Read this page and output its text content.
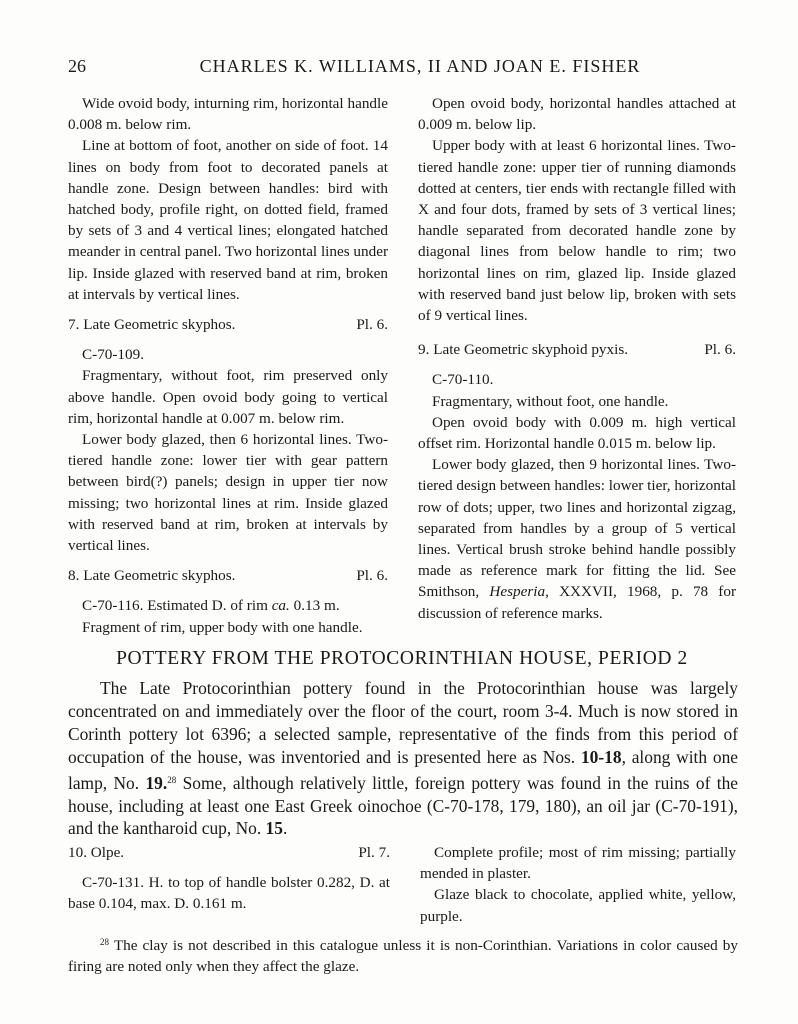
26	CHARLES K. WILLIAMS, II AND JOAN E. FISHER

Wide ovoid body, inturning rim, horizontal handle 0.008 m. below rim.

Line at bottom of foot, another on side of foot. 14 lines on body from foot to decorated panels at handle zone. Design between handles: bird with hatched body, profile right, on dotted field, framed by sets of 3 and 4 vertical lines; elongated hatched meander in central panel. Two horizontal lines under lip. Inside glazed with reserved band at rim, broken at intervals by vertical lines.

7. Late Geometric skyphos.	Pl. 6.

C-70-109.

Fragmentary, without foot, rim preserved only above handle. Open ovoid body going to vertical rim, horizontal handle at 0.007 m. below rim.

Lower body glazed, then 6 horizontal lines. Two-tiered handle zone: lower tier with gear pattern between bird(?) panels; design in upper tier now missing; two horizontal lines at rim. Inside glazed with reserved band at rim, broken at intervals by vertical lines.

8. Late Geometric skyphos.	Pl. 6.

C-70-116. Estimated D. of rim ca. 0.13 m.

Fragment of rim, upper body with one handle.

Open ovoid body, horizontal handles attached at 0.009 m. below lip.

Upper body with at least 6 horizontal lines. Two-tiered handle zone: upper tier of running diamonds dotted at centers, tier ends with rectangle filled with X and four dots, framed by sets of 3 vertical lines; handle separated from decorated handle zone by diagonal lines from below handle to rim; two horizontal lines on rim, glazed lip. Inside glazed with reserved band just below lip, broken with sets of 9 vertical lines.

9. Late Geometric skyphoid pyxis.	Pl. 6.

C-70-110.

Fragmentary, without foot, one handle.

Open ovoid body with 0.009 m. high vertical offset rim. Horizontal handle 0.015 m. below lip.

Lower body glazed, then 9 horizontal lines. Two-tiered design between handles: lower tier, horizontal row of dots; upper, two lines and horizontal zigzag, separated from handles by a group of 5 vertical lines. Vertical brush stroke behind handle possibly made as reference mark for fitting the lid. See Smithson, Hesperia, XXXVII, 1968, p. 78 for discussion of reference marks.

POTTERY FROM THE PROTOCORINTHIAN HOUSE, PERIOD 2

The Late Protocorinthian pottery found in the Protocorinthian house was largely concentrated on and immediately over the floor of the court, room 3-4. Much is now stored in Corinth pottery lot 6396; a selected sample, representative of the finds from this period of occupation of the house, was inventoried and is presented here as Nos. 10-18, along with one lamp, No. 19.28 Some, although relatively little, foreign pottery was found in the ruins of the house, including at least one East Greek oinochoe (C-70-178, 179, 180), an oil jar (C-70-191), and the kantharoid cup, No. 15.

10. Olpe.	Pl. 7.

C-70-131. H. to top of handle bolster 0.282, D. at base 0.104, max. D. 0.161 m.

Complete profile; most of rim missing; partially mended in plaster.

Glaze black to chocolate, applied white, yellow, purple.

$^{28}$ The clay is not described in this catalogue unless it is non-Corinthian. Variations in color caused by firing are noted only when they affect the glaze.
